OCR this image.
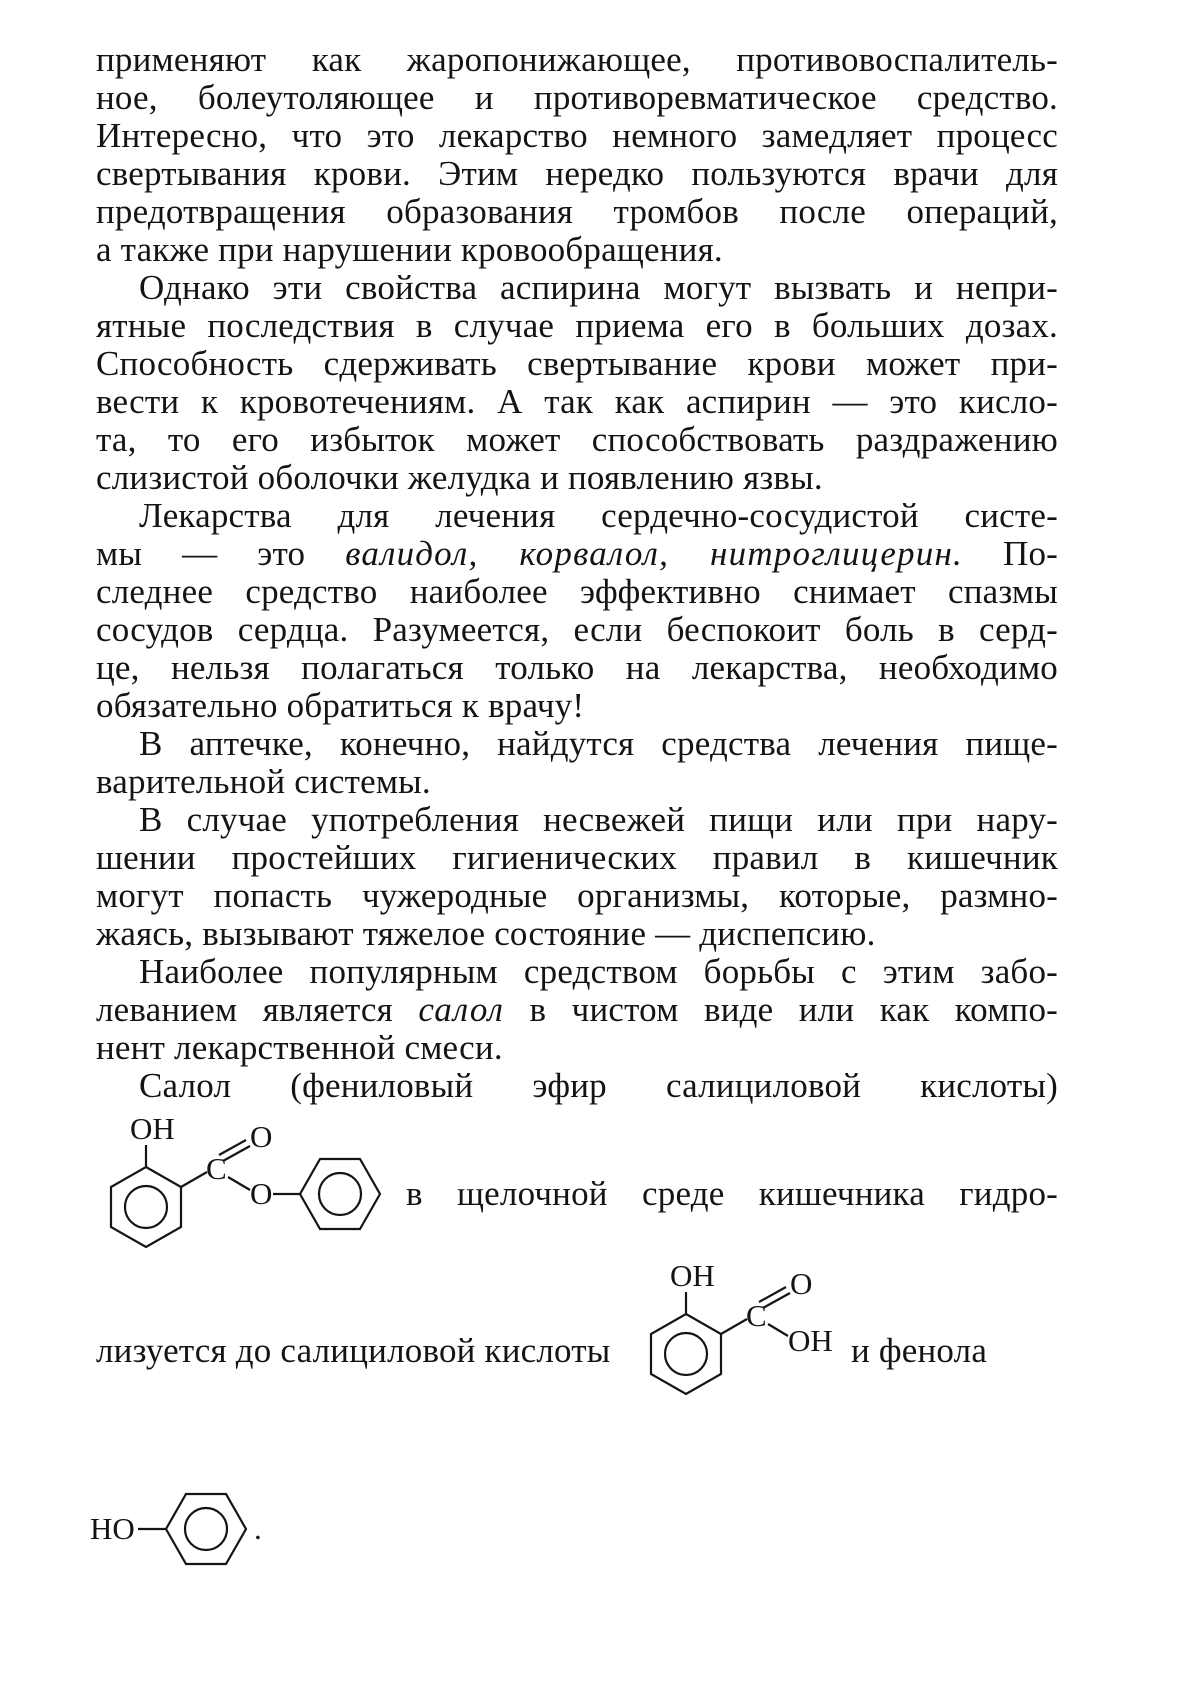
применяют как жаропонижающее, противовоспалитель-
ное, болеутоляющее и противоревматическое средство.
Интересно, что это лекарство немного замедляет процесс
свертывания крови. Этим нередко пользуются врачи для
предотвращения образования тромбов после операций,
а также при нарушении кровообращения.
Однако эти свойства аспирина могут вызвать и непри-
ятные последствия в случае приема его в больших дозах.
Способность сдерживать свертывание крови может при-
вести к кровотечениям. А так как аспирин — это кисло-
та, то его избыток может способствовать раздражению
слизистой оболочки желудка и появлению язвы.
Лекарства для лечения сердечно-сосудистой систе-
мы — это валидол, корвалол, нитроглицерин. По-
следнее средство наиболее эффективно снимает спазмы
сосудов сердца. Разумеется, если беспокоит боль в серд-
це, нельзя полагаться только на лекарства, необходимо
обязательно обратиться к врачу!
В аптечке, конечно, найдутся средства лечения пище-
варительной системы.
В случае употребления несвежей пищи или при нару-
шении простейших гигиенических правил в кишечник
могут попасть чужеродные организмы, которые, размно-
жаясь, вызывают тяжелое состояние — диспепсию.
Наиболее популярным средством борьбы с этим забо-
леванием является салол в чистом виде или как компо-
нент лекарственной смеси.
Салол (фениловый эфир салициловой кислоты)
OH
C
O
O	в щелочной среде кишечника гидро-
лизуется до салициловой кислоты
OH
C
O
OH и фенола
HO	.
